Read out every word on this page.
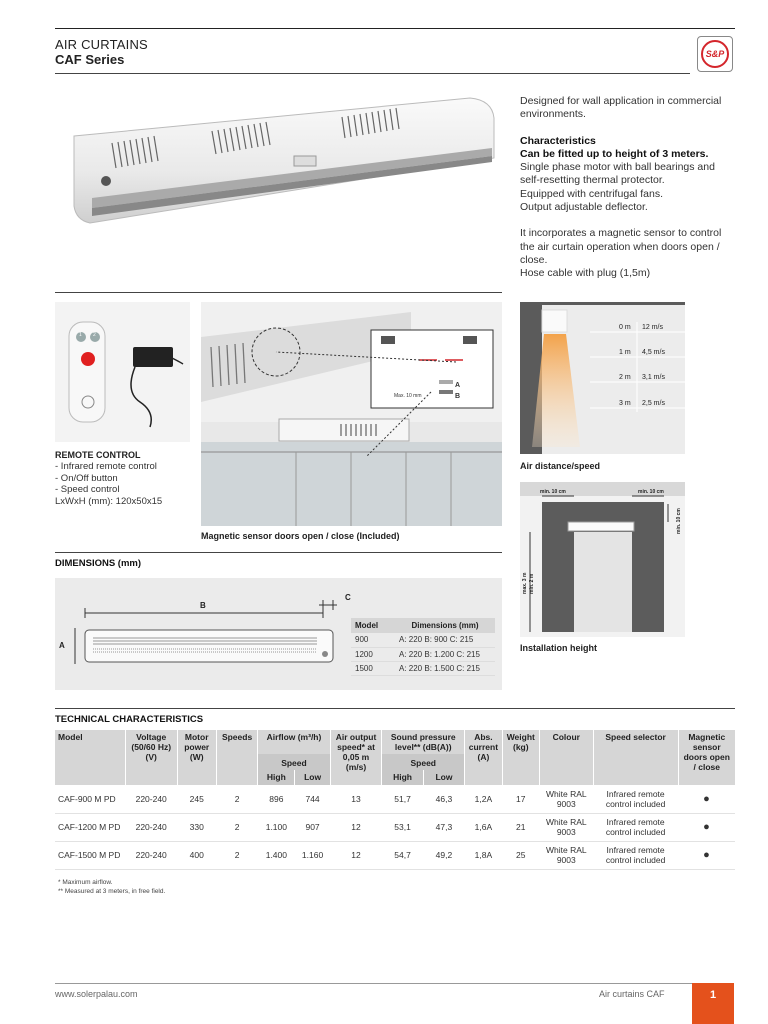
AIR CURTAINS
CAF Series	S&P
Designed for wall application in commercial environments.
Characteristics
Can be fitted up to height of 3 meters.
Single phase motor with ball bearings and self-resetting thermal protector.
Equipped with centrifugal fans.
Output adjustable deflector.
It incorporates a magnetic sensor to control the air curtain operation when doors open / close.
Hose cable with plug (1,5m)
1 2
REMOTE CONTROL
- Infrared remote control
- On/Off button
- Speed control
LxWxH (mm): 120x50x15
Max. 10 mm
A
B
Magnetic sensor doors open / close (Included)
0 m 12 m/s
1 m 4,5 m/s
2 m 3,1 m/s
3 m 2,5 m/s
Air distance/speed
min. 10 cm	min. 10 cm
min. 10 cm
max. 3 m min. 2 m
Installation height
DIMENSIONS (mm)
B
C
A
Model	Dimensions (mm)
900	A: 220 B: 900 C: 215
1200	A: 220 B: 1.200 C: 215
1500	A: 220 B: 1.500 C: 215
TECHNICAL CHARACTERISTICS
Model	Voltage (50/60 Hz) (V)	Motor power (W)	Speeds	Airflow (m³/h)		Air output speed* at 0,05 m (m/s)	Sound pressure level** (dB(A))		Abs. current (A)	Weight (kg)	Colour	Speed selector	Magnetic sensor doors open / close
				Speed			Speed						
				High	Low		High	Low					
CAF-900 M PD	220-240	245	2	896	744	13	51,7	46,3	1,2A	17	White RAL 9003	Infrared remote control included	●
CAF-1200 M PD	220-240	330	2	1.100	907	12	53,1	47,3	1,6A	21	White RAL 9003	Infrared remote control included	●
CAF-1500 M PD	220-240	400	2	1.400	1.160	12	54,7	49,2	1,8A	25	White RAL 9003	Infrared remote control included	●
* Maximum airflow.
** Measured at 3 meters, in free field.
www.solerpalau.com	Air curtains CAF	1
